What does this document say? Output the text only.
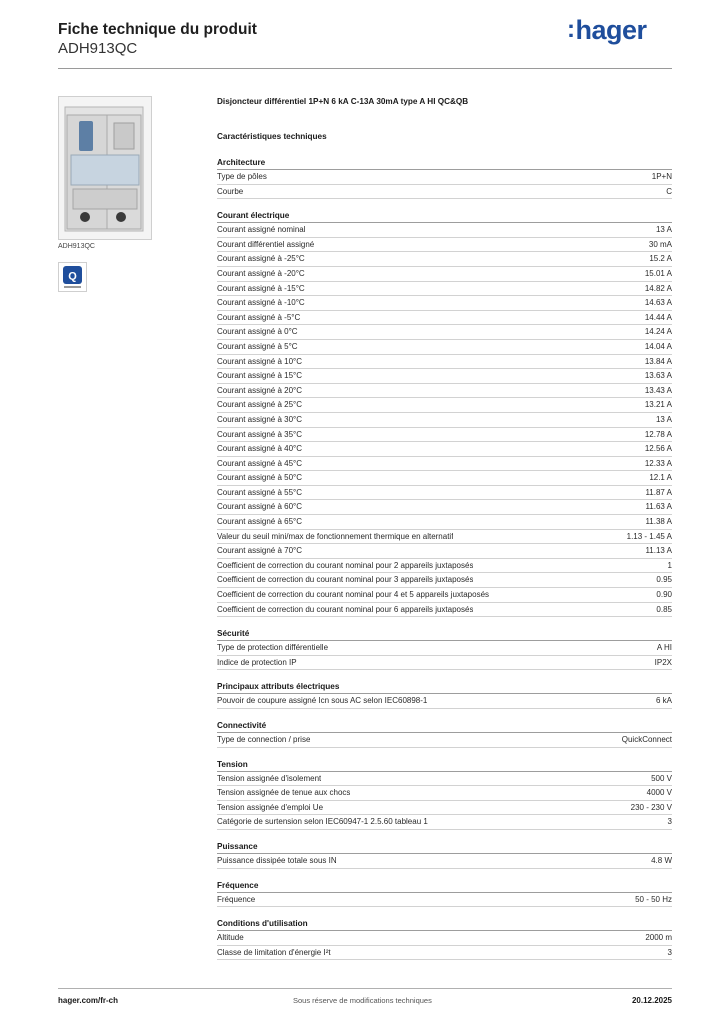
Fiche technique du produit
ADH913QC
:hager
ADH913QC
Q
Disjoncteur différentiel 1P+N 6 kA C-13A 30mA type A HI QC&QB
Caractéristiques techniques
Architecture
Type de pôles	1P+N
Courbe	C
Courant électrique
Courant assigné nominal	13 A
Courant différentiel assigné	30 mA
Courant assigné à -25°C	15.2 A
Courant assigné à -20°C	15.01 A
Courant assigné à -15°C	14.82 A
Courant assigné à -10°C	14.63 A
Courant assigné à -5°C	14.44 A
Courant assigné à 0°C	14.24 A
Courant assigné à 5°C	14.04 A
Courant assigné à 10°C	13.84 A
Courant assigné à 15°C	13.63 A
Courant assigné à 20°C	13.43 A
Courant assigné à 25°C	13.21 A
Courant assigné à 30°C	13 A
Courant assigné à 35°C	12.78 A
Courant assigné à 40°C	12.56 A
Courant assigné à 45°C	12.33 A
Courant assigné à 50°C	12.1 A
Courant assigné à 55°C	11.87 A
Courant assigné à 60°C	11.63 A
Courant assigné à 65°C	11.38 A
Valeur du seuil mini/max de fonctionnement thermique en alternatif	1.13 - 1.45 A
Courant assigné à 70°C	11.13 A
Coefficient de correction du courant nominal pour 2 appareils juxtaposés	1
Coefficient de correction du courant nominal pour 3 appareils juxtaposés	0.95
Coefficient de correction du courant nominal pour 4 et 5 appareils juxtaposés	0.90
Coefficient de correction du courant nominal pour 6 appareils juxtaposés	0.85
Sécurité
Type de protection différentielle	A HI
Indice de protection IP	IP2X
Principaux attributs électriques
Pouvoir de coupure assigné Icn sous AC selon IEC60898-1	6 kA
Connectivité
Type de connection / prise	QuickConnect
Tension
Tension assignée d'isolement	500 V
Tension assignée de tenue aux chocs	4000 V
Tension assignée d'emploi Ue	230 - 230 V
Catégorie de surtension selon IEC60947-1 2.5.60 tableau 1	3
Puissance
Puissance dissipée totale sous IN	4.8 W
Fréquence
Fréquence	50 - 50 Hz
Conditions d'utilisation
Altitude	2000 m
Classe de limitation d'énergie I²t	3
hager.com/fr-ch	Sous réserve de modifications techniques	20.12.2025
